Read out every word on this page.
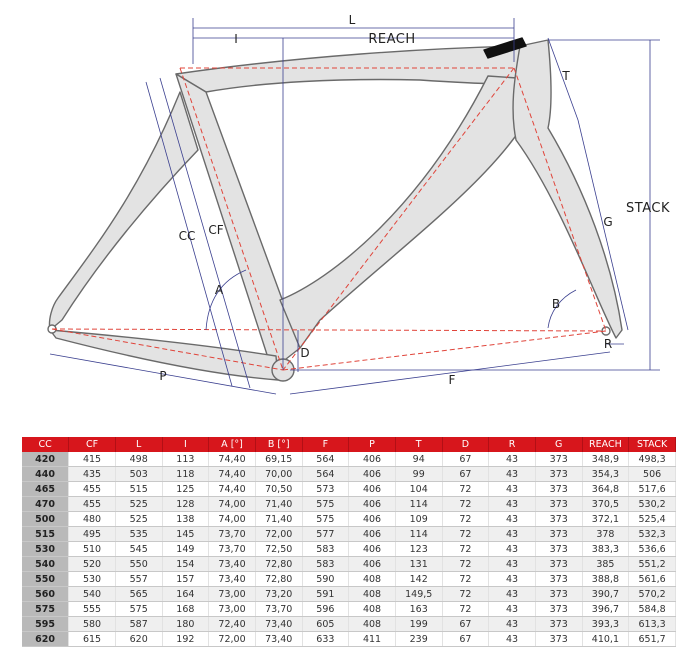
L
I	REACH
T
STACK
G
CC CF
A
B
D
R
P	F
CC	CF	L	I	A [°]	B [°]	F	P	T	D	R	G	REACH	STACK
420	415	498	113	74,40	69,15	564	406	94	67	43	373	348,9	498,3
440	435	503	118	74,40	70,00	564	406	99	67	43	373	354,3	506
465	455	515	125	74,40	70,50	573	406	104	72	43	373	364,8	517,6
470	455	525	128	74,00	71,40	575	406	114	72	43	373	370,5	530,2
500	480	525	138	74,00	71,40	575	406	109	72	43	373	372,1	525,4
515	495	535	145	73,70	72,00	577	406	114	72	43	373	378	532,3
530	510	545	149	73,70	72,50	583	406	123	72	43	373	383,3	536,6
540	520	550	154	73,40	72,80	583	406	131	72	43	373	385	551,2
550	530	557	157	73,40	72,80	590	408	142	72	43	373	388,8	561,6
560	540	565	164	73,00	73,20	591	408	149,5	72	43	373	390,7	570,2
575	555	575	168	73,00	73,70	596	408	163	72	43	373	396,7	584,8
595	580	587	180	72,40	73,40	605	408	199	67	43	373	393,3	613,3
620	615	620	192	72,00	73,40	633	411	239	67	43	373	410,1	651,7
